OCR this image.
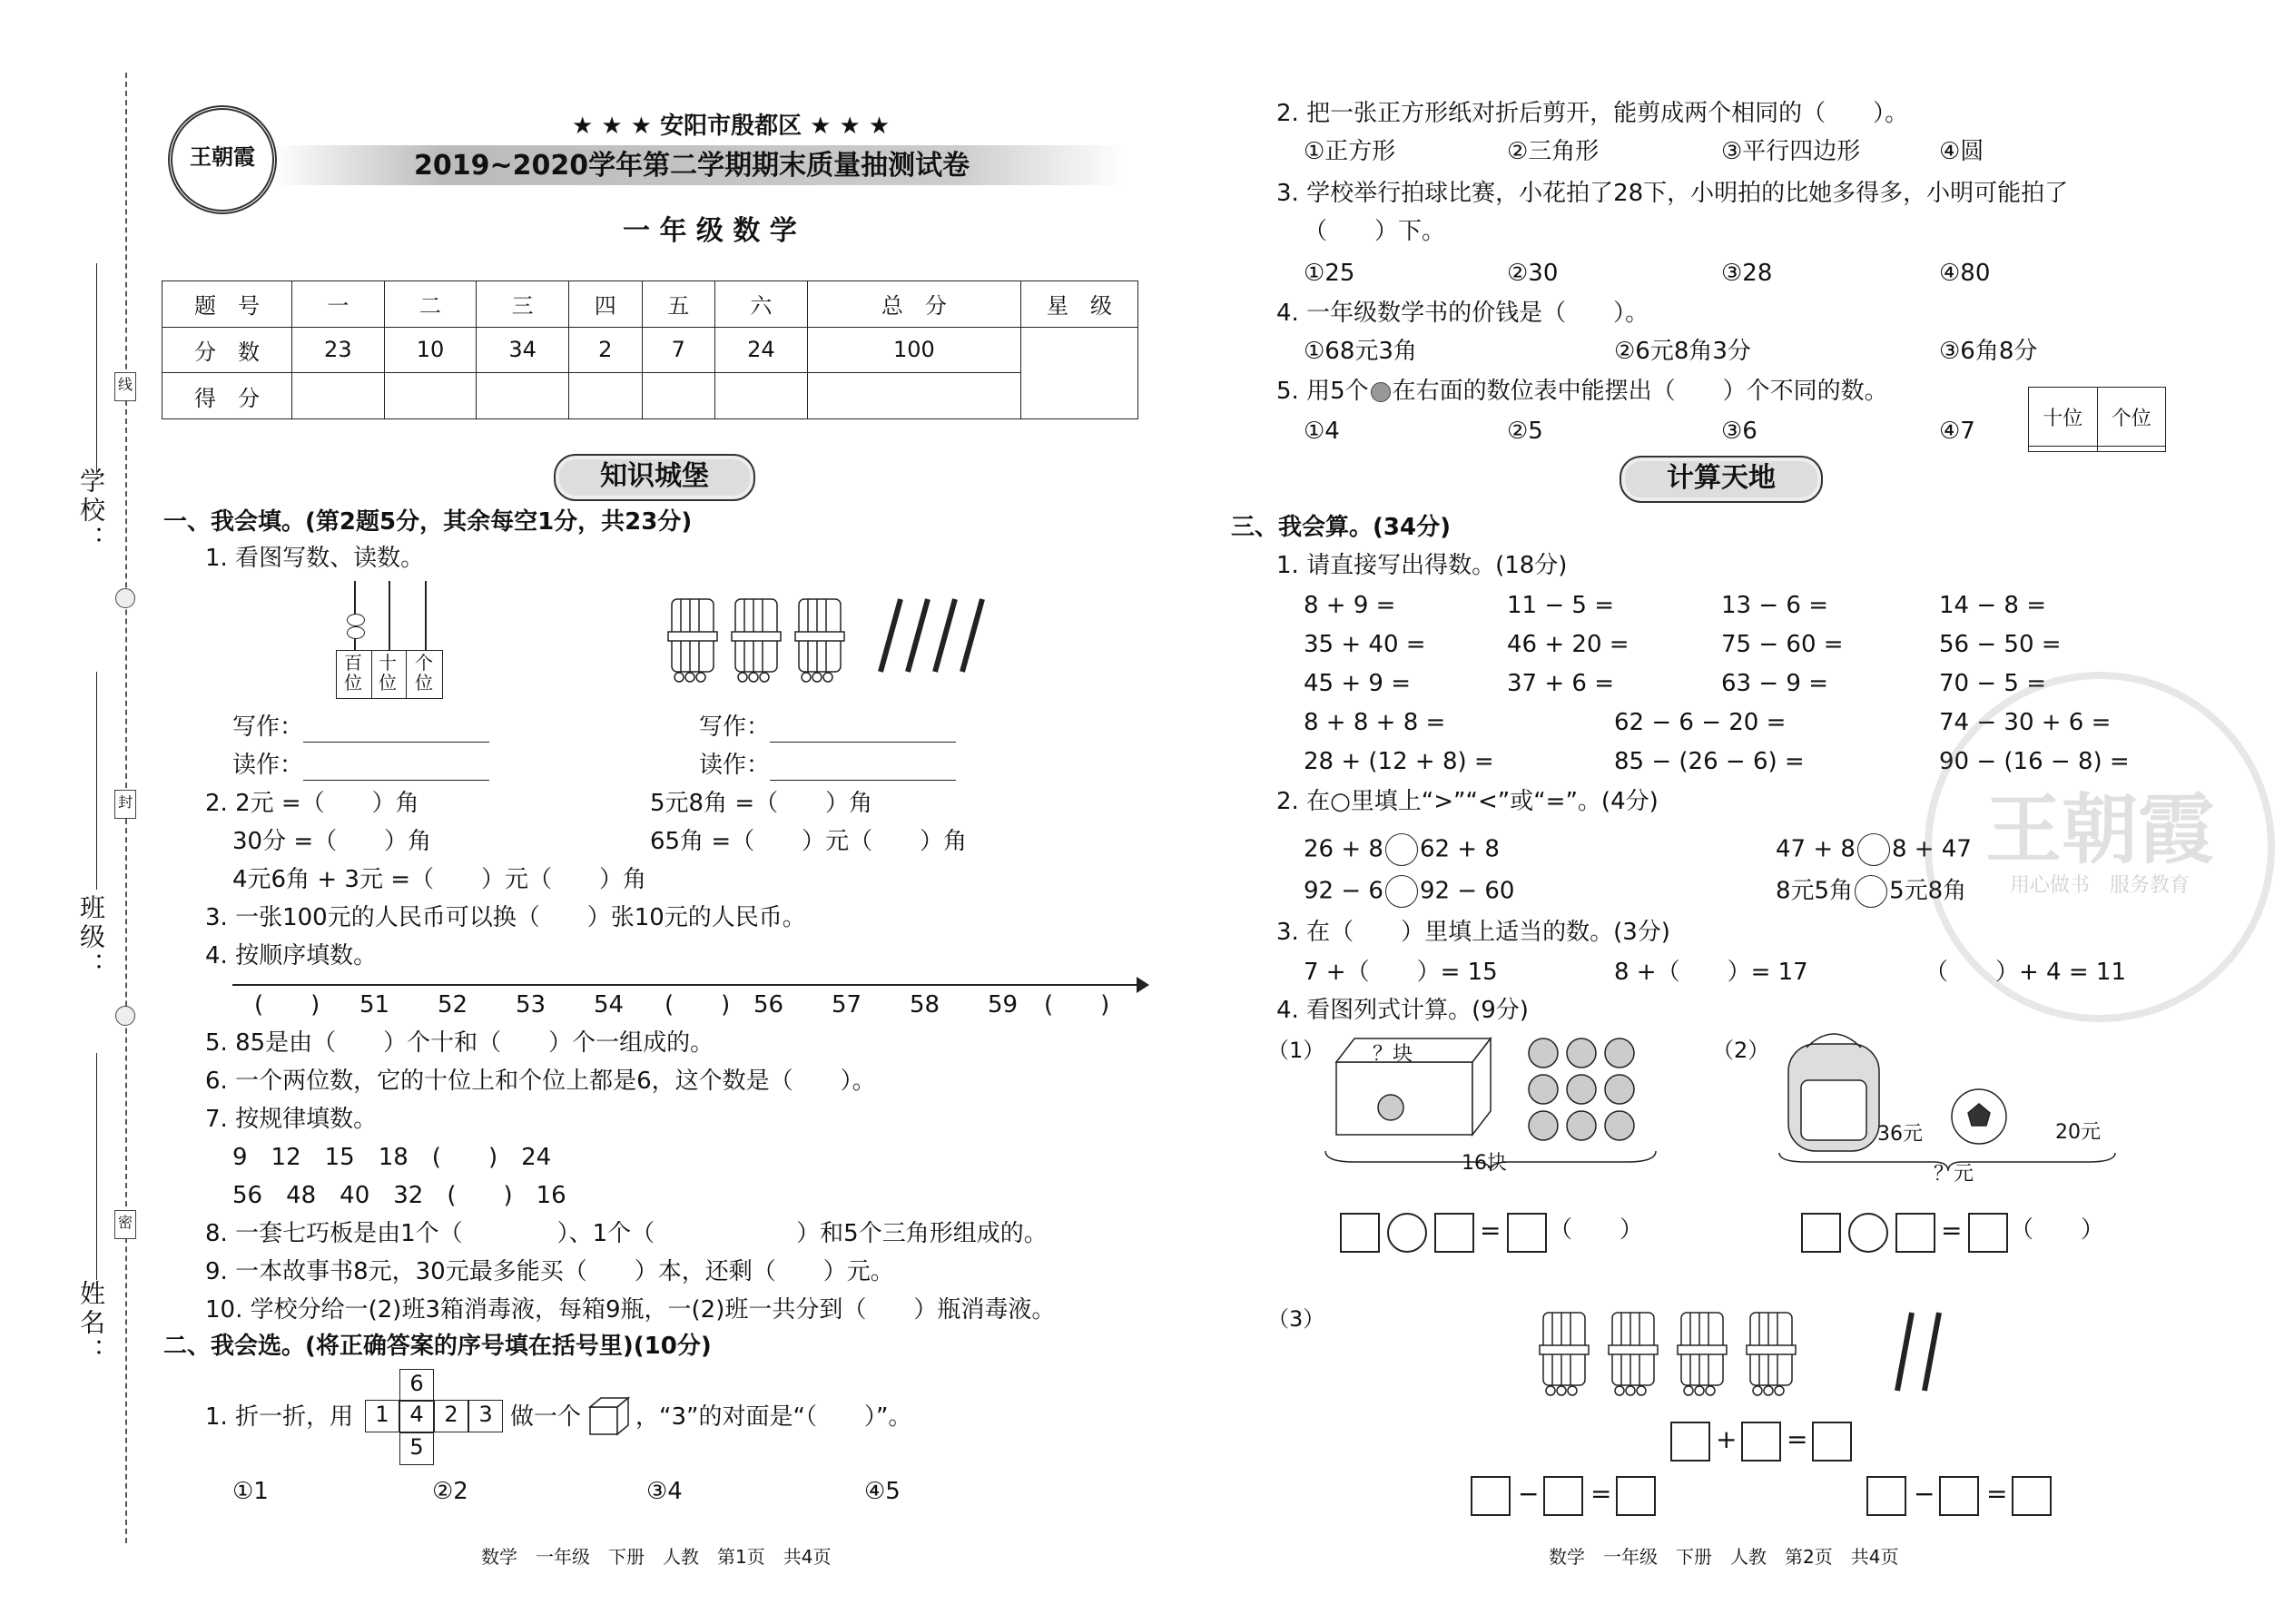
学校：
班级：
姓名：
线
封
密
王朝霞
★ ★ ★ 安阳市殷都区 ★ ★ ★
2019~2020学年第二学期期末质量抽测试卷
一 年 级 数 学
题　号	一	二	三	四	五	六	总　分	星　级
分　数	23	10	34	2	7	24	100	
得　分								
知识城堡
一、我会填。(第2题5分，其余每空1分，共23分)
1. 看图写数、读数。
百位
十位
个位
写作：
读作：
写作：
读作：
2. 2元 =（　　）角	5元8角 =（　　）角
30分 =（　　）角	65角 =（　　）元（　　）角
4元6角 + 3元 =（　　）元（　　）角
3. 一张100元的人民币可以换（　　）张10元的人民币。
4. 按顺序填数。
(　　) 51 52 53 54 (　　) 56 57 58 59 (　　)
5. 85是由（　　）个十和（　　）个一组成的。
6. 一个两位数，它的十位上和个位上都是6，这个数是（　　）。
7. 按规律填数。
9　12　15　18　(　　)　24
56　48　40　32　(　　)　16
8. 一套七巧板是由1个（　　　　）、1个（　　　　　　）和5个三角形组成的。
9. 一本故事书8元，30元最多能买（　　）本，还剩（　　）元。
10. 学校分给一(2)班3箱消毒液，每箱9瓶，一(2)班一共分到（　　）瓶消毒液。
二、我会选。(将正确答案的序号填在括号里)(10分)
1. 折一折，用
6
1 4 2 3
5
做一个 ，“3”的对面是“（　　）”。
①1	②2	③4	④5
数学　一年级　下册　人教　第1页　共4页
2. 把一张正方形纸对折后剪开，能剪成两个相同的（　　）。
①正方形	②三角形	③平行四边形	④圆
3. 学校举行拍球比赛，小花拍了28下，小明拍的比她多得多，小明可能拍了
（　　）下。
①25	②30	③28	④80
4. 一年级数学书的价钱是（　　）。
①68元3角	②6元8角3分	③6角8分
5. 用5个 在右面的数位表中能摆出（　　）个不同的数。
①4	②5	③6	④7	十位	个位

计算天地
三、我会算。(34分)
1. 请直接写出得数。(18分)
8 + 9 =	11 − 5 =	13 − 6 =	14 − 8 =
35 + 40 =	46 + 20 =	75 − 60 =	56 − 50 =
45 + 9 =	37 + 6 =	63 − 9 =	70 − 5 =
8 + 8 + 8 =	62 − 6 − 20 =	74 − 30 + 6 =
28 + (12 + 8) =	85 − (26 − 6) =	90 − (16 − 8) =
2. 在○里填上“>”“<”或“=”。(4分)
26 + 8 62 + 8	47 + 8 8 + 47
92 − 6 92 − 60	8元5角 5元8角
3. 在（　　）里填上适当的数。(3分)
7 +（　　）= 15	8 +（　　）= 17	（　　）+ 4 = 11
4. 看图列式计算。(9分)
（1） ？块
16块
（2）
36元	20元
？元
= （　　）	= （　　）
（3）
+ =
− =	− =
数学　一年级　下册　人教　第2页　共4页
王朝霞
用心做书　服务教育
